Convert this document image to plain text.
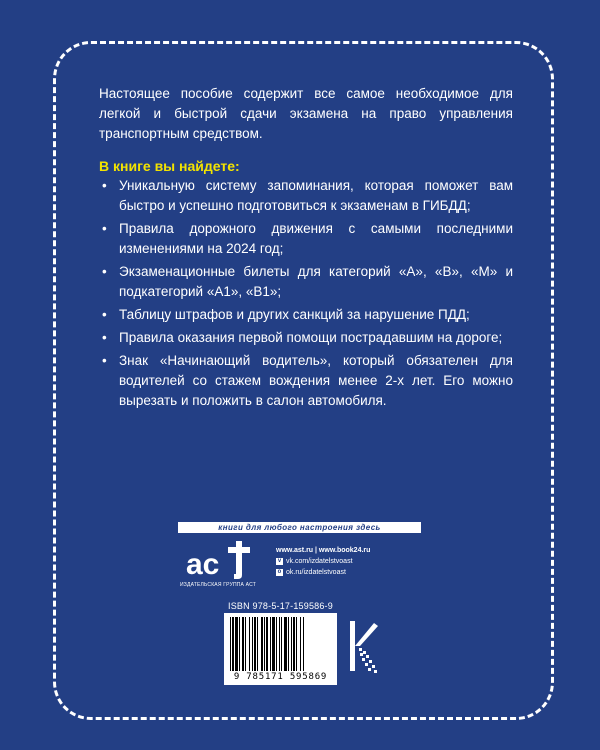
Настоящее пособие содержит все самое необходимое для легкой и быстрой сдачи экзамена на право управления транспортным средством.

В книге вы найдете:

• Уникальную систему запоминания, которая поможет вам быстро и успешно подготовиться к экзаменам в ГИБДД;
• Правила дорожного движения с самыми последними изменениями на 2024 год;
• Экзаменационные билеты для категорий «А», «В», «М» и подкатегорий «А1», «В1»;
• Таблицу штрафов и других санкций за нарушение ПДД;
• Правила оказания первой помощи пострадавшим на дороге;
• Знак «Начинающий водитель», который обязателен для водителей со стажем вождения менее 2-х лет. Его можно вырезать и положить в салон автомобиля.
книги для любого настроения здесь
ac
ИЗДАТЕЛЬСКАЯ ГРУППА АСТ
www.ast.ru | www.book24.ru
v vk.com/izdatelstvoast
o ok.ru/izdatelstvoast
ISBN 978-5-17-159586-9
9 785171 595869
